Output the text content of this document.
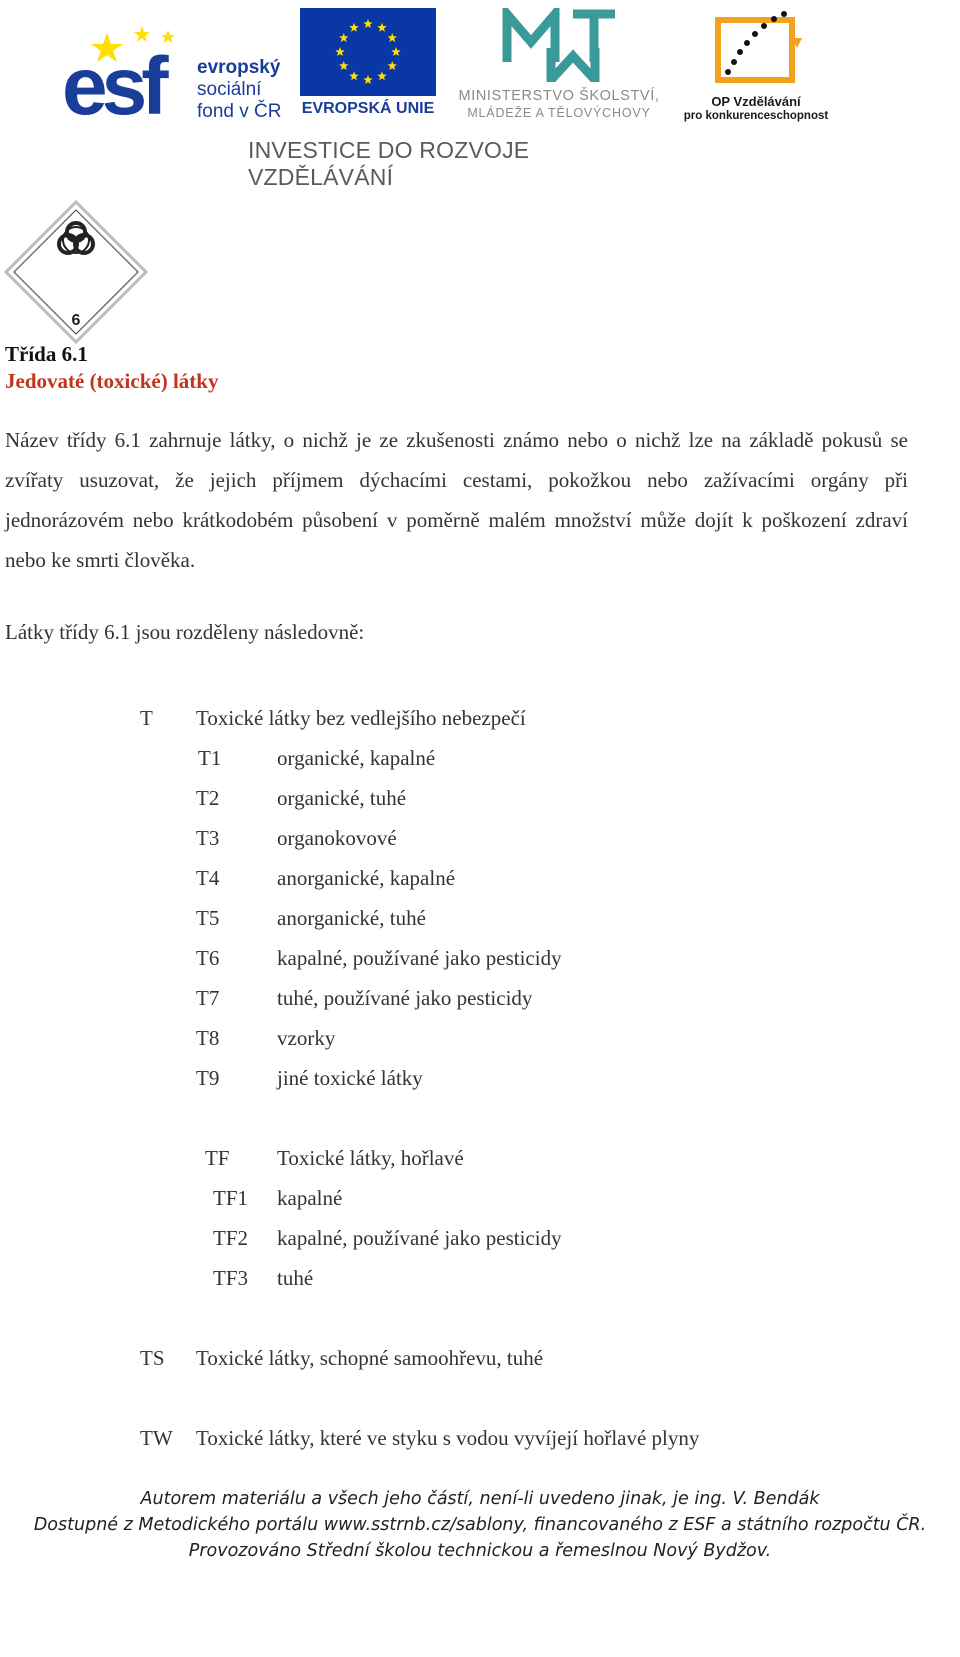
esf	evropský
sociální
fond v ČR EVROPSKÁ UNIE
MINISTERSTVO ŠKOLSTVÍ,
MLÁDEŽE A TĚLOVÝCHOVY
OP Vzdělávání
pro konkurenceschopnost
INVESTICE DO ROZVOJE VZDĚLÁVÁNÍ
6
Třída 6.1
Jedovaté (toxické) látky
Název třídy 6.1 zahrnuje látky, o nichž je ze zkušenosti známo nebo o nichž lze na základě pokusů se zvířaty usuzovat, že jejich příjmem dýchacími cestami, pokožkou nebo zažívacími orgány při jednorázovém nebo krátkodobém působení v poměrně malém množství může dojít k poškození zdraví nebo ke smrti člověka.
Látky třídy 6.1 jsou rozděleny následovně:
T Toxické látky bez vedlejšího nebezpečí
T1	organické, kapalné
T2	organické, tuhé
T3	organokovové
T4	anorganické, kapalné
T5	anorganické, tuhé
T6	kapalné, používané jako pesticidy
T7	tuhé, používané jako pesticidy
T8	vzorky
T9	jiné toxické látky
TF Toxické látky, hořlavé
TF1 kapalné
TF2 kapalné, používané jako pesticidy
TF3 tuhé
TS Toxické látky, schopné samoohřevu, tuhé
TW Toxické látky, které ve styku s vodou vyvíjejí hořlavé plyny
Autorem materiálu a všech jeho částí, není-li uvedeno jinak, je ing. V. Bendák
Dostupné z Metodického portálu www.sstrnb.cz/sablony, financovaného z ESF a státního rozpočtu ČR.
Provozováno Střední školou technickou a řemeslnou Nový Bydžov.
